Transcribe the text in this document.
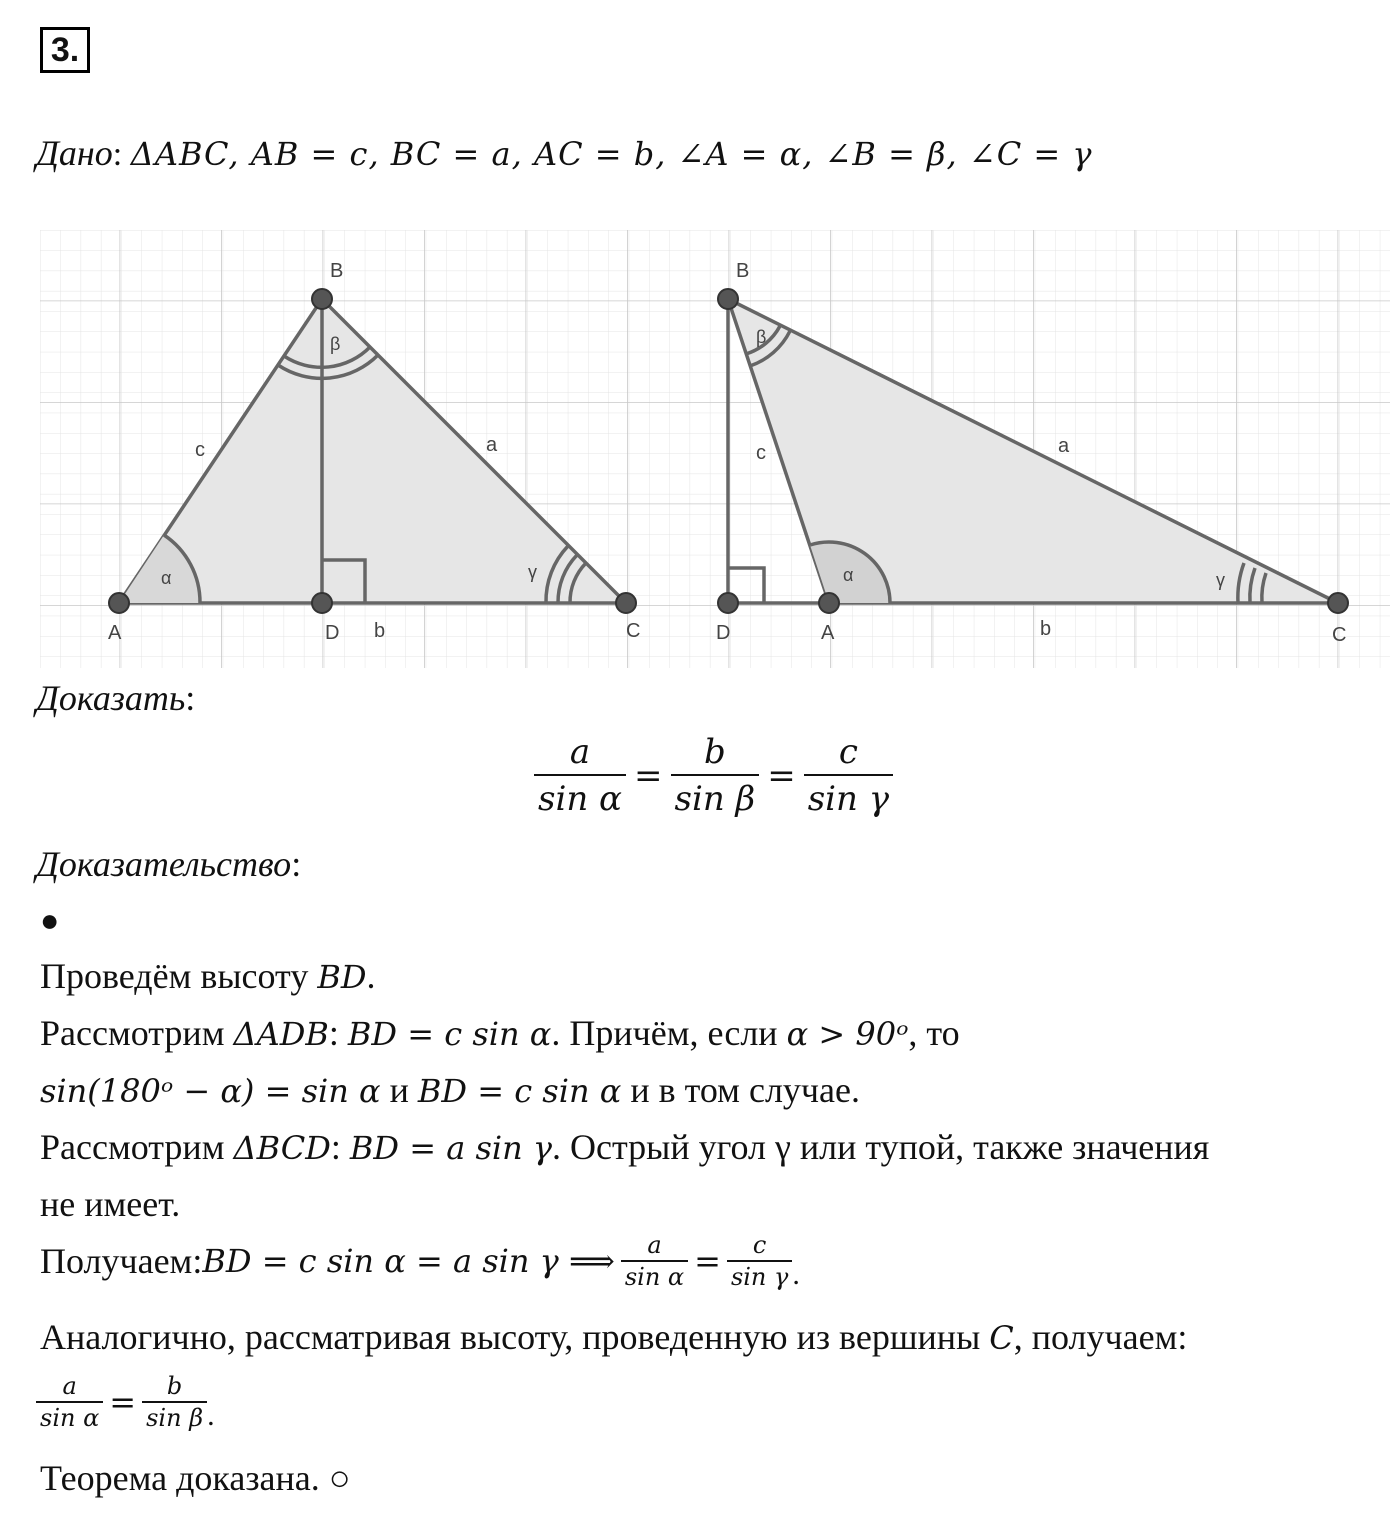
3.
Дано: ΔABC, AB = c, BC = a, AC = b, ∠A = α, ∠B = β, ∠C = γ
A
B
C
D
c	a
b
α
β
γ
B
D	A	C
c	a
b
α
β
γ
Доказать:
$\frac{a}{\text{sin α}} = \frac{b}{\text{sin β}} = \frac{c}{\text{sin γ}}$
Доказательство:
●
Проведём высоту BD.
Рассмотрим ΔADB: BD = c sin α. Причём, если α > 90ᵒ, то
sin(180ᵒ − α) = sin α и BD = c sin α и в том случае.
Рассмотрим ΔBCD: BD = a sin γ. Острый угол γ или тупой, также значения
не имеет.
Получаем: BD = c sin α = a sin γ ⟹ $\frac{a}{\text{sin α}} = \frac{c}{\text{sin γ}}$ .
Аналогично, рассматривая высоту, проведенную из вершины C, получаем:
$\frac{a}{\text{sin α}} = \frac{b}{\text{sin β}}$ .
Теорема доказана. ○
